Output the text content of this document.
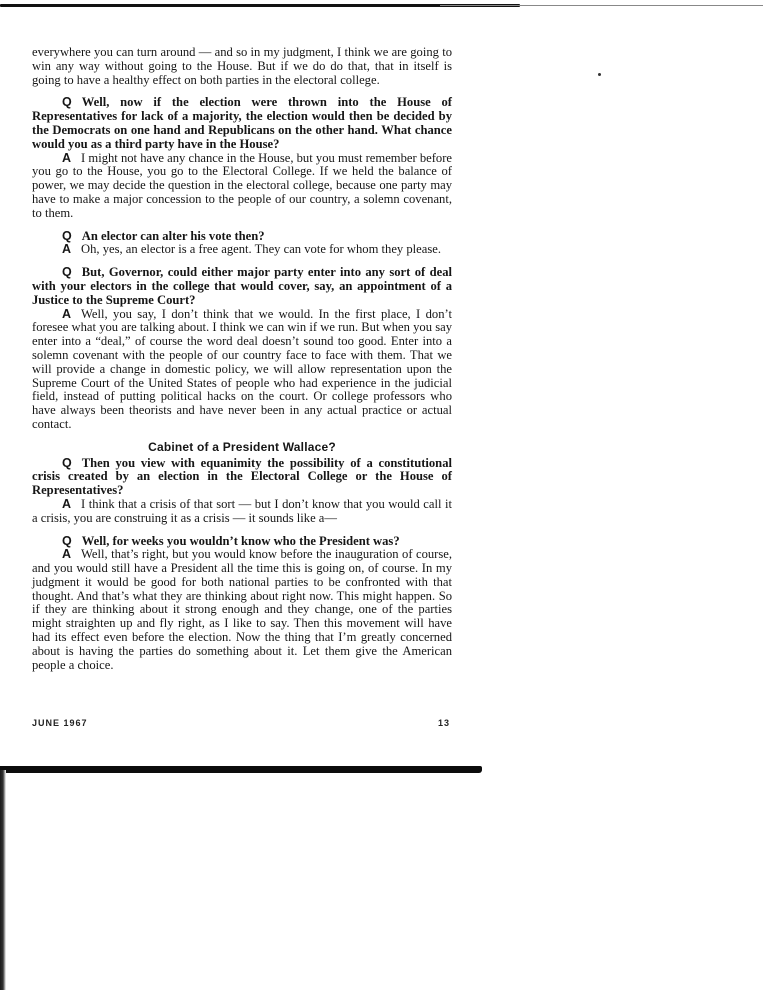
everywhere you can turn around — and so in my judgment, I think we are going to win any way without going to the House. But if we do do that, that in itself is going to have a healthy effect on both parties in the electoral college.

Q Well, now if the election were thrown into the House of Representatives for lack of a majority, the election would then be decided by the Democrats on one hand and Republicans on the other hand. What chance would you as a third party have in the House?

A I might not have any chance in the House, but you must remember before you go to the House, you go to the Electoral College. If we held the balance of power, we may decide the question in the electoral college, because one party may have to make a major concession to the people of our country, a solemn covenant, to them.

Q An elector can alter his vote then?

A Oh, yes, an elector is a free agent. They can vote for whom they please.

Q But, Governor, could either major party enter into any sort of deal with your electors in the college that would cover, say, an appointment of a Justice to the Supreme Court?

A Well, you say, I don’t think that we would. In the first place, I don’t foresee what you are talking about. I think we can win if we run. But when you say enter into a “deal,” of course the word deal doesn’t sound too good. Enter into a solemn covenant with the people of our country face to face with them. That we will provide a change in domestic policy, we will allow representation upon the Supreme Court of the United States of people who had experience in the judicial field, instead of putting political hacks on the court. Or college professors who have always been theorists and have never been in any actual practice or actual contact.

Cabinet of a President Wallace?

Q Then you view with equanimity the possibility of a constitutional crisis created by an election in the Electoral College or the House of Representatives?

A I think that a crisis of that sort — but I don’t know that you would call it a crisis, you are construing it as a crisis — it sounds like a—

Q Well, for weeks you wouldn’t know who the President was?

A Well, that’s right, but you would know before the inauguration of course, and you would still have a President all the time this is going on, of course. In my judgment it would be good for both national parties to be confronted with that thought. And that’s what they are thinking about right now. This might happen. So if they are thinking about it strong enough and they change, one of the parties might straighten up and fly right, as I like to say. Then this movement will have had its effect even before the election. Now the thing that I’m greatly concerned about is having the parties do something about it. Let them give the American people a choice.

JUNE 1967	13
